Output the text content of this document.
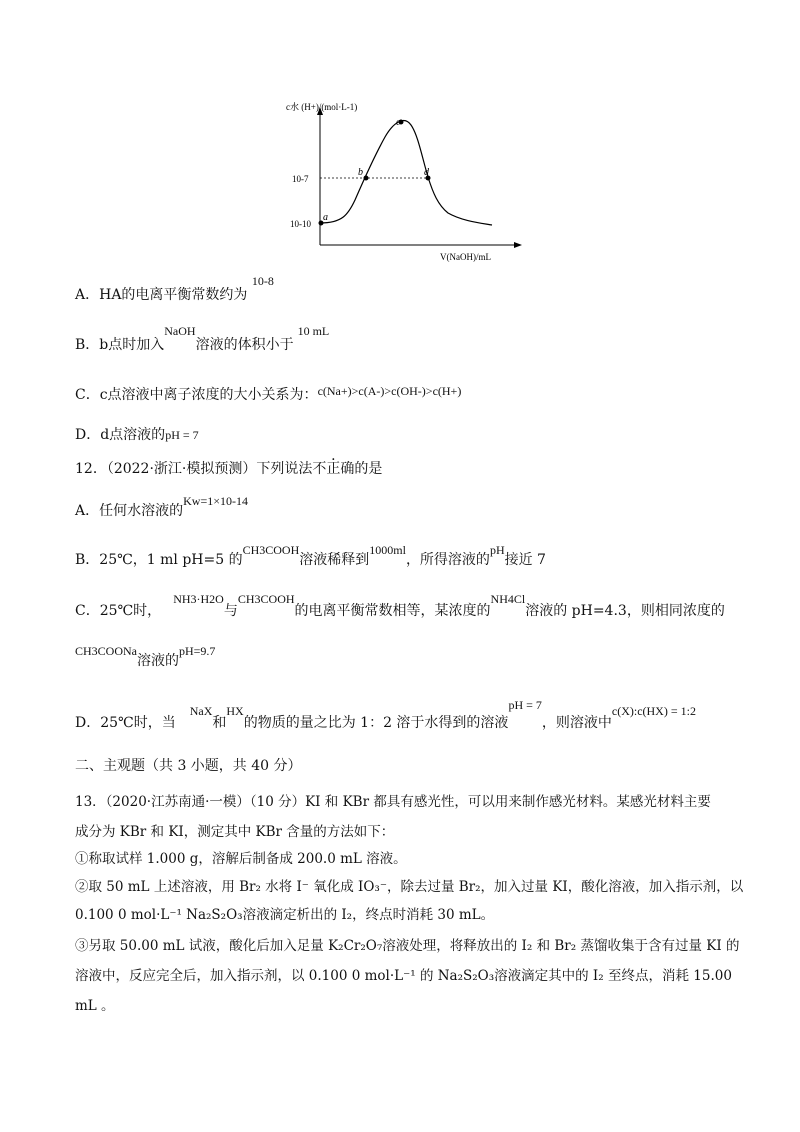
a
b
c
d
10-7
10-10
c水 (H+)/(mol·L-1)
V(NaOH)/mL
A．HA的电离平衡常数约为 10-8
B．b点时加入NaOH溶液的体积小于10 mL
C．c点溶液中离子浓度的大小关系为：c(Na+)>c(A-)>c(OH-)>c(H+)
D．d点溶液的pH = 7
12．（2022·浙江·模拟预测）下列说法不正确的是
A．任何水溶液的Kw=1×10-14
B．25℃，1 ml pH=5 的CH3COOH溶液稀释到1000ml，所得溶液的pH接近 7
C．25℃时，NH3·H2O与CH3COOH的电离平衡常数相等，某浓度的NH4Cl溶液的 pH=4.3，则相同浓度的
CH3COONa溶液的pH=9.7
D．25℃时，当NaX和HX的物质的量之比为 1：2 溶于水得到的溶液pH = 7，则溶液中c(X):c(HX) = 1:2
二、主观题（共 3 小题，共 40 分）
13．（2020·江苏南通·一模）（10 分）KI 和 KBr 都具有感光性，可以用来制作感光材料。某感光材料主要
成分为 KBr 和 KI，测定其中 KBr 含量的方法如下：
①称取试样 1.000 g，溶解后制备成 200.0 mL 溶液。
②取 50 mL 上述溶液，用 Br₂ 水将 I⁻ 氧化成 IO₃⁻，除去过量 Br₂，加入过量 KI，酸化溶液，加入指示剂，以
0.100 0 mol·L⁻¹ Na₂S₂O₃溶液滴定析出的 I₂，终点时消耗 30 mL。
③另取 50.00 mL 试液，酸化后加入足量 K₂Cr₂O₇溶液处理，将释放出的 I₂ 和 Br₂ 蒸馏收集于含有过量 KI 的
溶液中，反应完全后，加入指示剂，以 0.100 0 mol·L⁻¹ 的 Na₂S₂O₃溶液滴定其中的 I₂ 至终点，消耗 15.00
mL 。
